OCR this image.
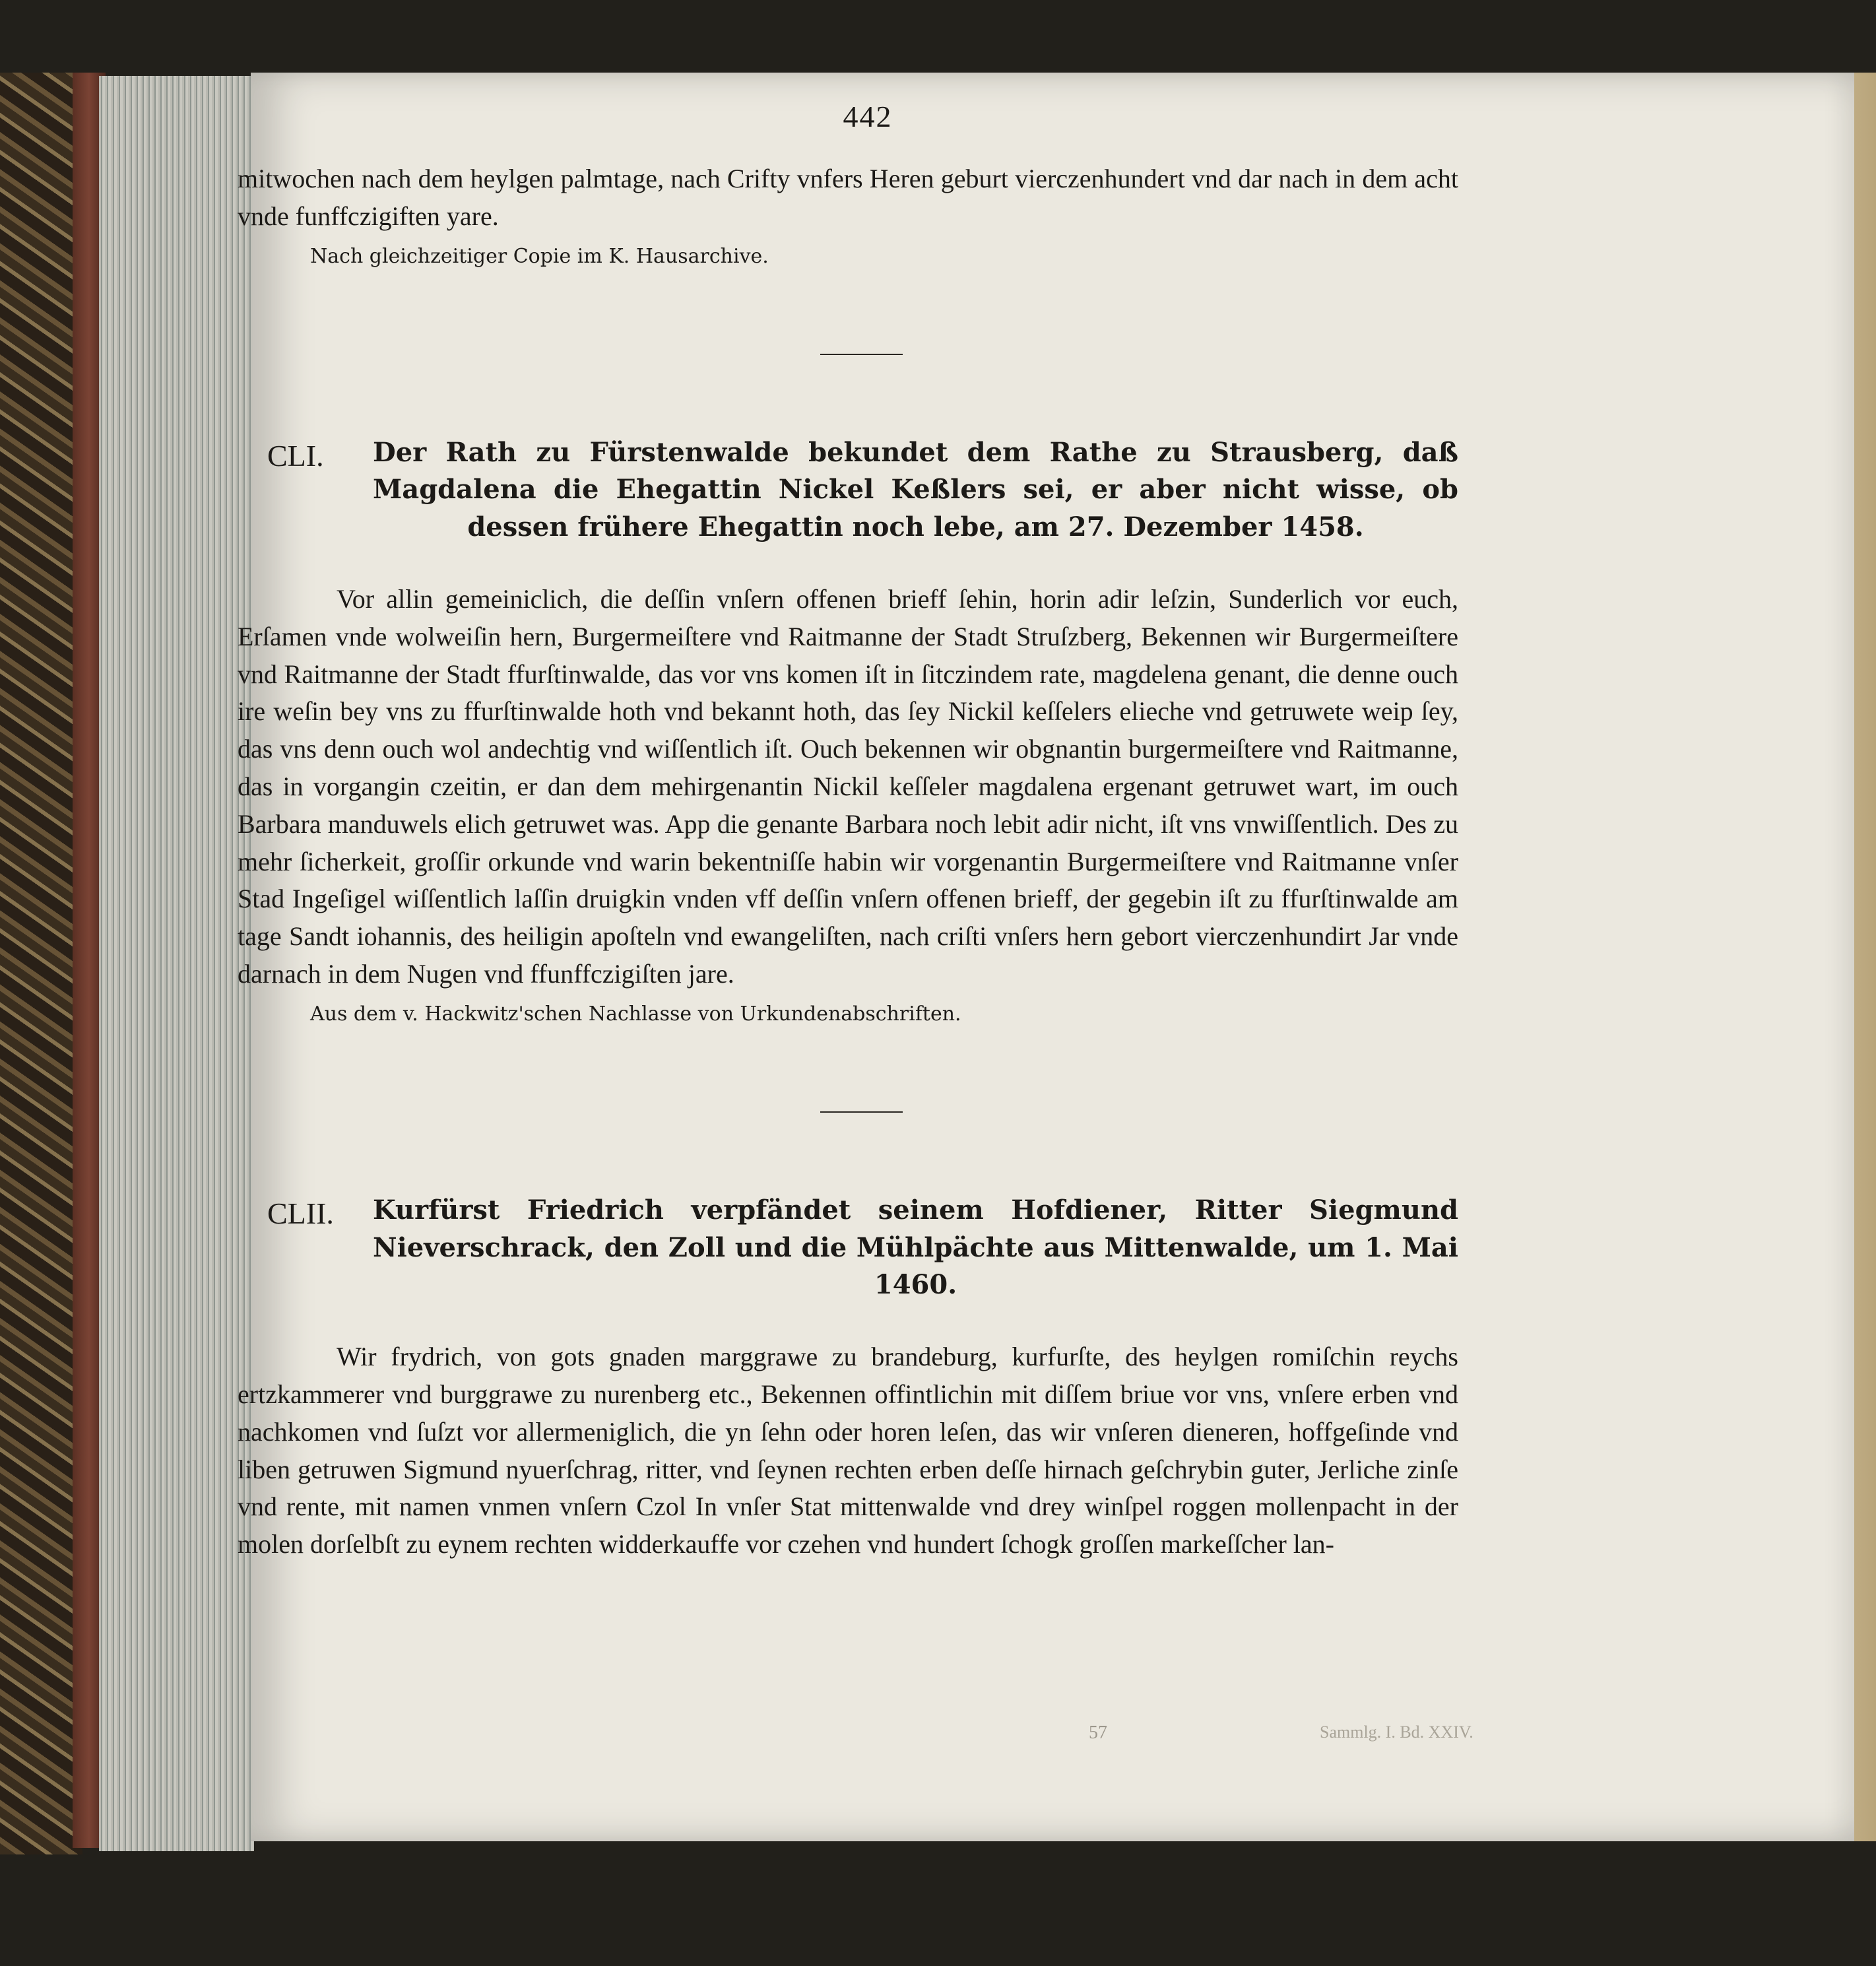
442

mitwochen nach dem heylgen palmtage, nach Crifty vnfers Heren geburt vierczenhundert vnd dar nach in dem acht vnde funffczigiften yare.

Nach gleichzeitiger Copie im K. Hausarchive.
CLI.	Der Rath zu Fürstenwalde bekundet dem Rathe zu Strausberg, daß Magdalena die Ehegattin Nickel Keßlers sei, er aber nicht wisse, ob dessen frühere Ehegattin noch lebe, am 27. Dezember 1458.

Vor allin gemeiniclich, die deſſin vnſern offenen brieff ſehin, horin adir leſzin, Sunderlich vor euch, Erſamen vnde wolweiſin hern, Burgermeiſtere vnd Raitmanne der Stadt Struſzberg, Bekennen wir Burgermeiſtere vnd Raitmanne der Stadt ffurſtinwalde, das vor vns komen iſt in ſitczindem rate, magdelena genant, die denne ouch ire weſin bey vns zu ffurſtinwalde hoth vnd bekannt hoth, das ſey Nickil keſſelers elieche vnd getruwete weip ſey, das vns denn ouch wol andechtig vnd wiſſentlich iſt. Ouch bekennen wir obgnantin burgermeiſtere vnd Raitmanne, das in vorgangin czeitin, er dan dem mehirgenantin Nickil keſſeler magdalena ergenant getruwet wart, im ouch Barbara manduwels elich getruwet was. App die genante Barbara noch lebit adir nicht, iſt vns vnwiſſentlich. Des zu mehr ſicherkeit, groſſir orkunde vnd warin bekentniſſe habin wir vorgenantin Burgermeiſtere vnd Raitmanne vnſer Stad Ingeſigel wiſſentlich laſſin druigkin vnden vff deſſin vnſern offenen brieff, der gegebin iſt zu ffurſtinwalde am tage Sandt iohannis, des heiligin apoſteln vnd ewangeliſten, nach criſti vnſers hern gebort vierczenhundirt Jar vnde darnach in dem Nugen vnd ffunffczigiſten jare.

Aus dem v. Hackwitz'schen Nachlasse von Urkundenabschriften.
CLII.	Kurfürst Friedrich verpfändet seinem Hofdiener, Ritter Siegmund Nieverschrack, den Zoll und die Mühlpächte aus Mittenwalde, um 1. Mai 1460.

Wir frydrich, von gots gnaden marggrawe zu brandeburg, kurfurſte, des heylgen romiſchin reychs ertzkammerer vnd burggrawe zu nurenberg etc., Bekennen offintlichin mit diſſem briue vor vns, vnſere erben vnd nachkomen vnd ſuſzt vor allermeniglich, die yn ſehn oder horen leſen, das wir vnſeren dieneren, hoffgeſinde vnd liben getruwen Sigmund nyuerſchrag, ritter, vnd ſeynen rechten erben deſſe hirnach geſchrybin guter, Jerliche zinſe vnd rente, mit namen vnmen vnſern Czol In vnſer Stat mittenwalde vnd drey winſpel roggen mollenpacht in der molen dorſelbſt zu eynem rechten widderkauffe vor czehen vnd hundert ſchogk groſſen markeſſcher lan-

57	Sammlg. I. Bd. XXIV.
